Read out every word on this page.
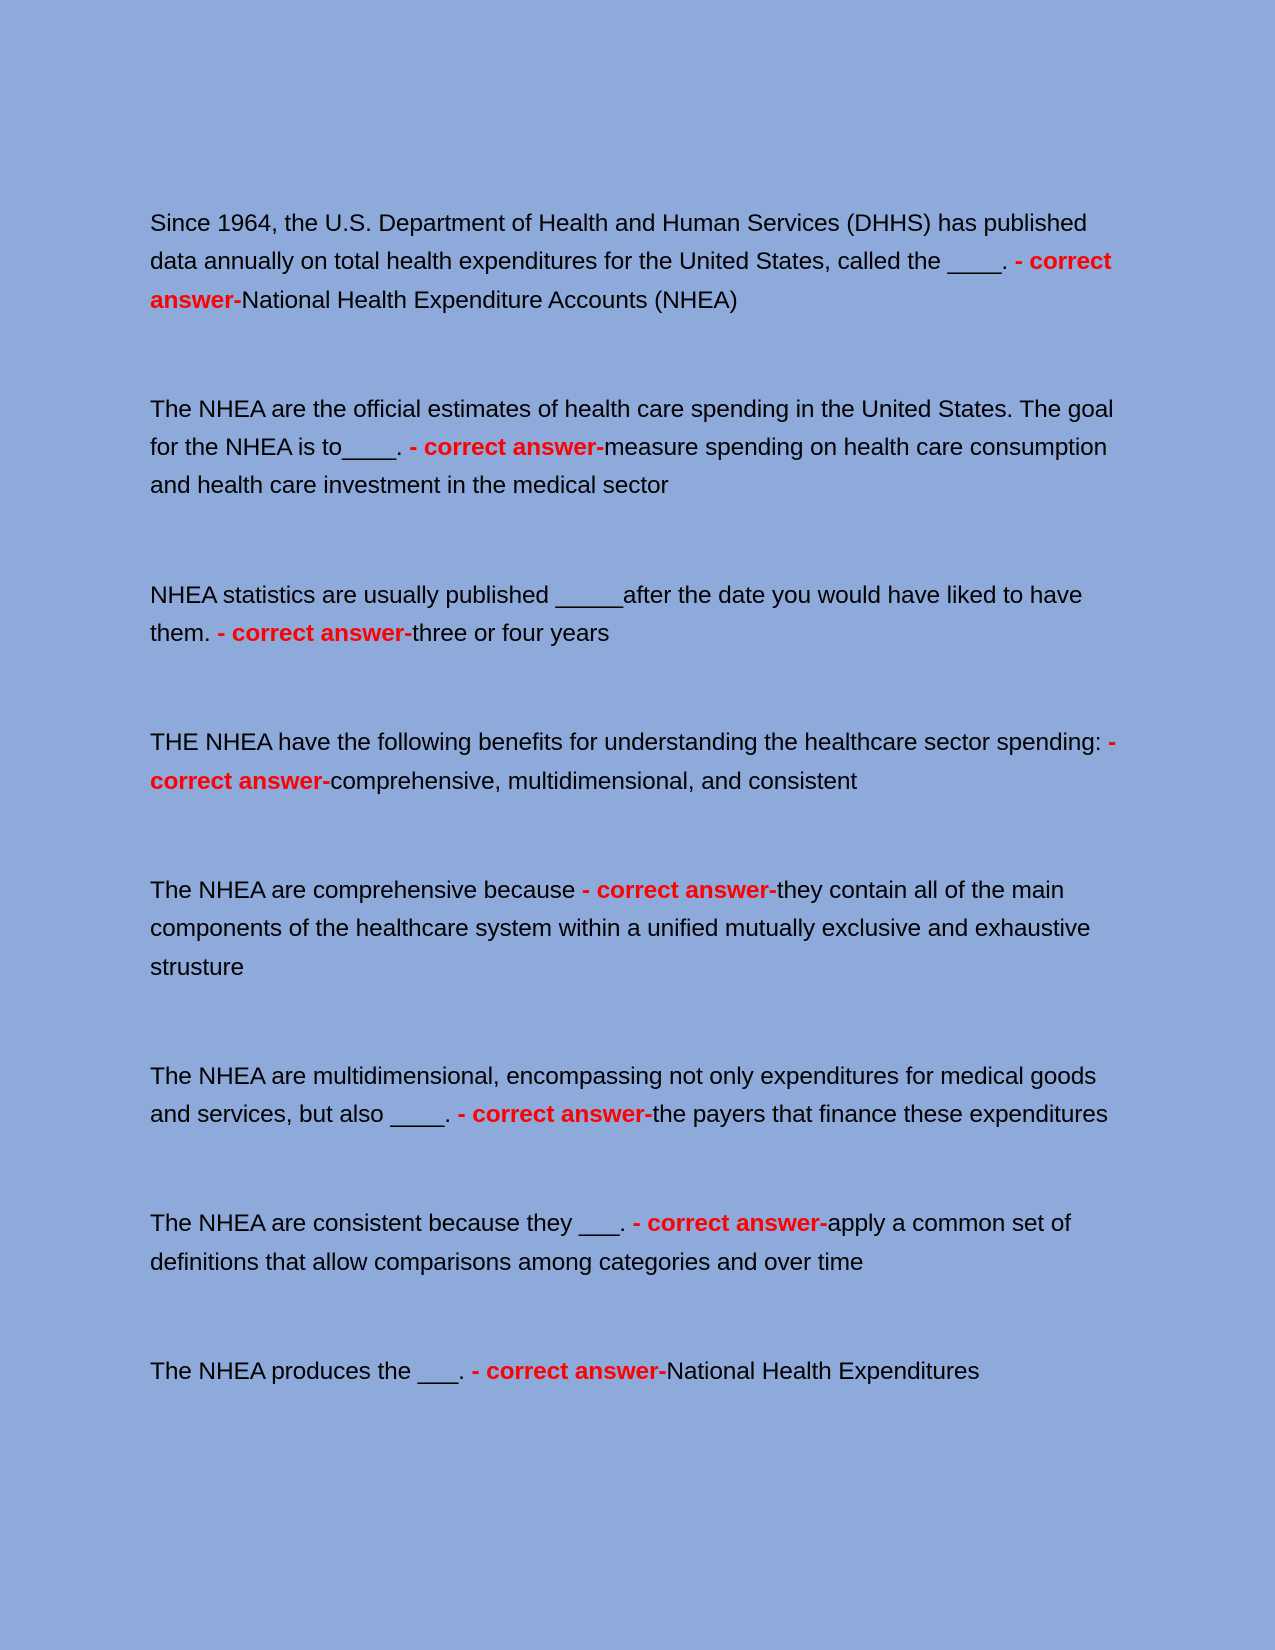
Since 1964, the U.S. Department of Health and Human Services (DHHS) has published data annually on total health expenditures for the United States, called the ____. - correct answer-National Health Expenditure Accounts (NHEA)

The NHEA are the official estimates of health care spending in the United States. The goal for the NHEA is to____. - correct answer-measure spending on health care consumption and health care investment in the medical sector

NHEA statistics are usually published _____after the date you would have liked to have them. - correct answer-three or four years

THE NHEA have the following benefits for understanding the healthcare sector spending: - correct answer-comprehensive, multidimensional, and consistent

The NHEA are comprehensive because - correct answer-they contain all of the main components of the healthcare system within a unified mutually exclusive and exhaustive strusture

The NHEA are multidimensional, encompassing not only expenditures for medical goods and services, but also ____. - correct answer-the payers that finance these expenditures

The NHEA are consistent because they ___. - correct answer-apply a common set of definitions that allow comparisons among categories and over time

The NHEA produces the ___. - correct answer-National Health Expenditures
